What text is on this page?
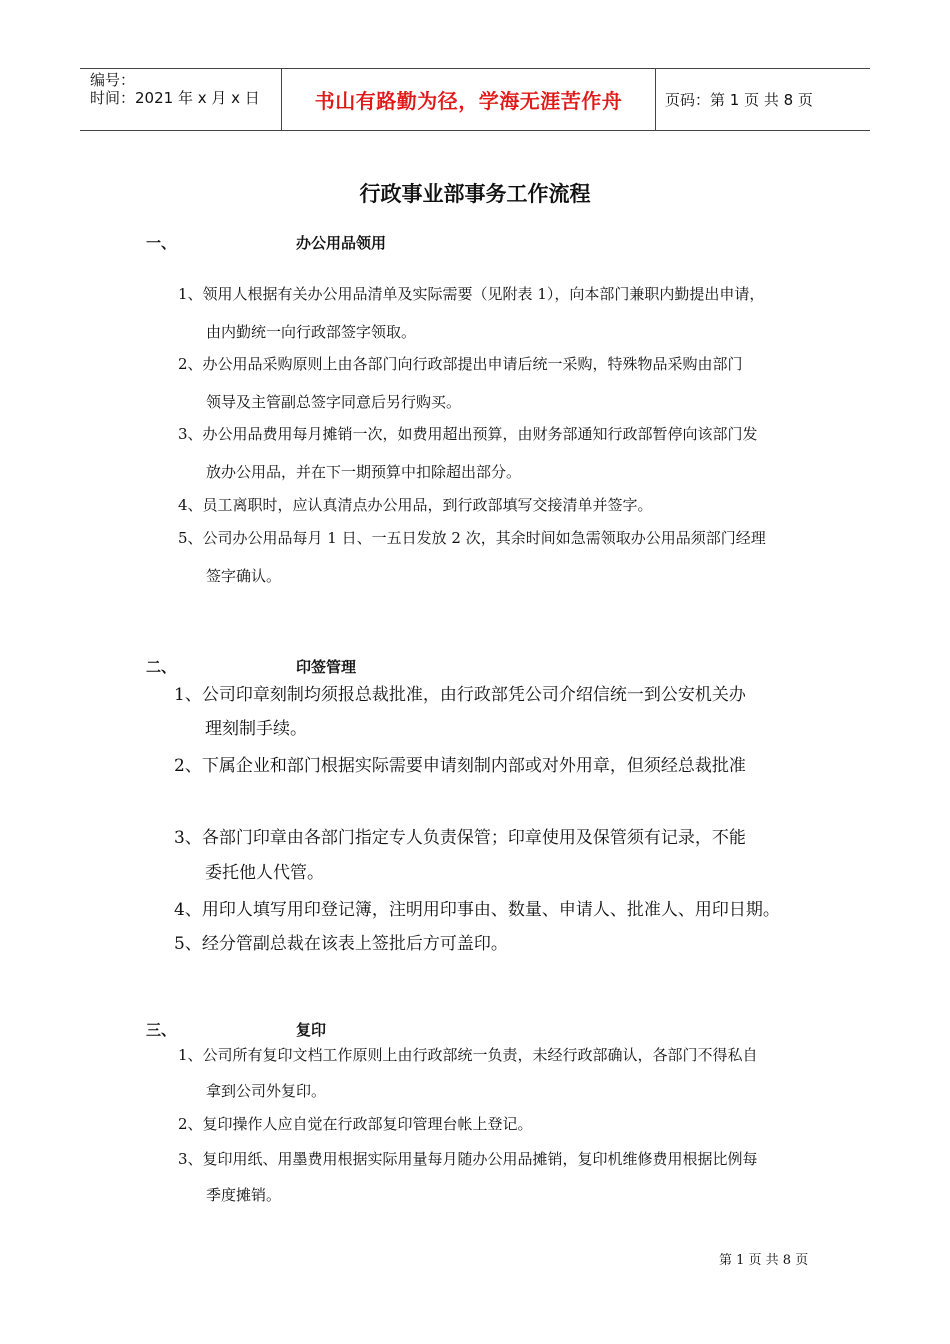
编号：
时间：2021 年 x 月 x 日	书山有路勤为径，学海无涯苦作舟	页码：第 1 页 共 8 页
行政事业部事务工作流程
一、	办公用品领用
1、领用人根据有关办公用品清单及实际需要（见附表 1），向本部门兼职内勤提出申请，
由内勤统一向行政部签字领取。
2、办公用品采购原则上由各部门向行政部提出申请后统一采购，特殊物品采购由部门
领导及主管副总签字同意后另行购买。
3、办公用品费用每月摊销一次，如费用超出预算，由财务部通知行政部暂停向该部门发
放办公用品，并在下一期预算中扣除超出部分。
4、员工离职时，应认真清点办公用品，到行政部填写交接清单并签字。
5、公司办公用品每月 1 日、一五日发放 2 次，其余时间如急需领取办公用品须部门经理
签字确认。
二、	印签管理
1、公司印章刻制均须报总裁批准，由行政部凭公司介绍信统一到公安机关办
理刻制手续。
2、下属企业和部门根据实际需要申请刻制内部或对外用章，但须经总裁批准
3、各部门印章由各部门指定专人负责保管；印章使用及保管须有记录，不能
委托他人代管。
4、用印人填写用印登记簿，注明用印事由、数量、申请人、批准人、用印日期。
5、经分管副总裁在该表上签批后方可盖印。
三、	复印
1、公司所有复印文档工作原则上由行政部统一负责，未经行政部确认，各部门不得私自
拿到公司外复印。
2、复印操作人应自觉在行政部复印管理台帐上登记。
3、复印用纸、用墨费用根据实际用量每月随办公用品摊销，复印机维修费用根据比例每
季度摊销。
第 1 页 共 8 页
